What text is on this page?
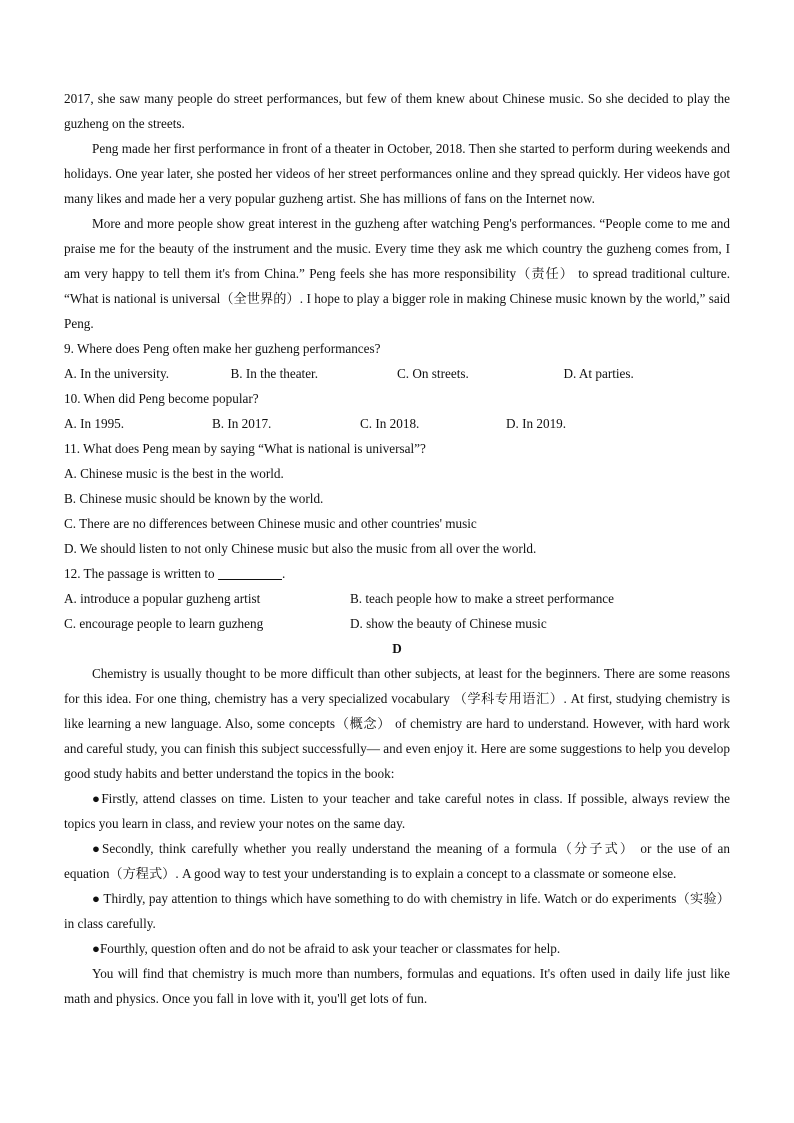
2017, she saw many people do street performances, but few of them knew about Chinese music. So she decided to play the guzheng on the streets.

Peng made her first performance in front of a theater in October, 2018. Then she started to perform during weekends and holidays. One year later, she posted her videos of her street performances online and they spread quickly. Her videos have got many likes and made her a very popular guzheng artist. She has millions of fans on the Internet now.

More and more people show great interest in the guzheng after watching Peng's performances. “People come to me and praise me for the beauty of the instrument and the music. Every time they ask me which country the guzheng comes from, I am very happy to tell them it's from China.” Peng feels she has more responsibility（责任） to spread traditional culture. “What is national is universal（全世界的）. I hope to play a bigger role in making Chinese music known by the world,” said Peng.

9. Where does Peng often make her guzheng performances?

A. In the university.	B. In the theater.	C. On streets.	D. At parties.

10. When did Peng become popular?

A. In 1995.	B. In 2017.	C. In 2018.	D. In 2019.

11. What does Peng mean by saying “What is national is universal”?

A. Chinese music is the best in the world.

B. Chinese music should be known by the world.

C. There are no differences between Chinese music and other countries' music

D. We should listen to not only Chinese music but also the music from all over the world.

12. The passage is written to	.

A. introduce a popular guzheng artist	B. teach people how to make a street performance
C. encourage people to learn guzheng	D. show the beauty of Chinese music

D

Chemistry is usually thought to be more difficult than other subjects, at least for the beginners. There are some reasons for this idea. For one thing, chemistry has a very specialized vocabulary （学科专用语汇）. At first, studying chemistry is like learning a new language. Also, some concepts（概念） of chemistry are hard to understand. However, with hard work and careful study, you can finish this subject successfully— and even enjoy it. Here are some suggestions to help you develop good study habits and better understand the topics in the book:

●Firstly, attend classes on time. Listen to your teacher and take careful notes in class. If possible, always review the topics you learn in class, and review your notes on the same day.

●Secondly, think carefully whether you really understand the meaning of a formula（分子式） or the use of an equation（方程式）. A good way to test your understanding is to explain a concept to a classmate or someone else.

● Thirdly, pay attention to things which have something to do with chemistry in life. Watch or do experiments（实验） in class carefully.

●Fourthly, question often and do not be afraid to ask your teacher or classmates for help.

You will find that chemistry is much more than numbers, formulas and equations. It's often used in daily life just like math and physics. Once you fall in love with it, you'll get lots of fun.
